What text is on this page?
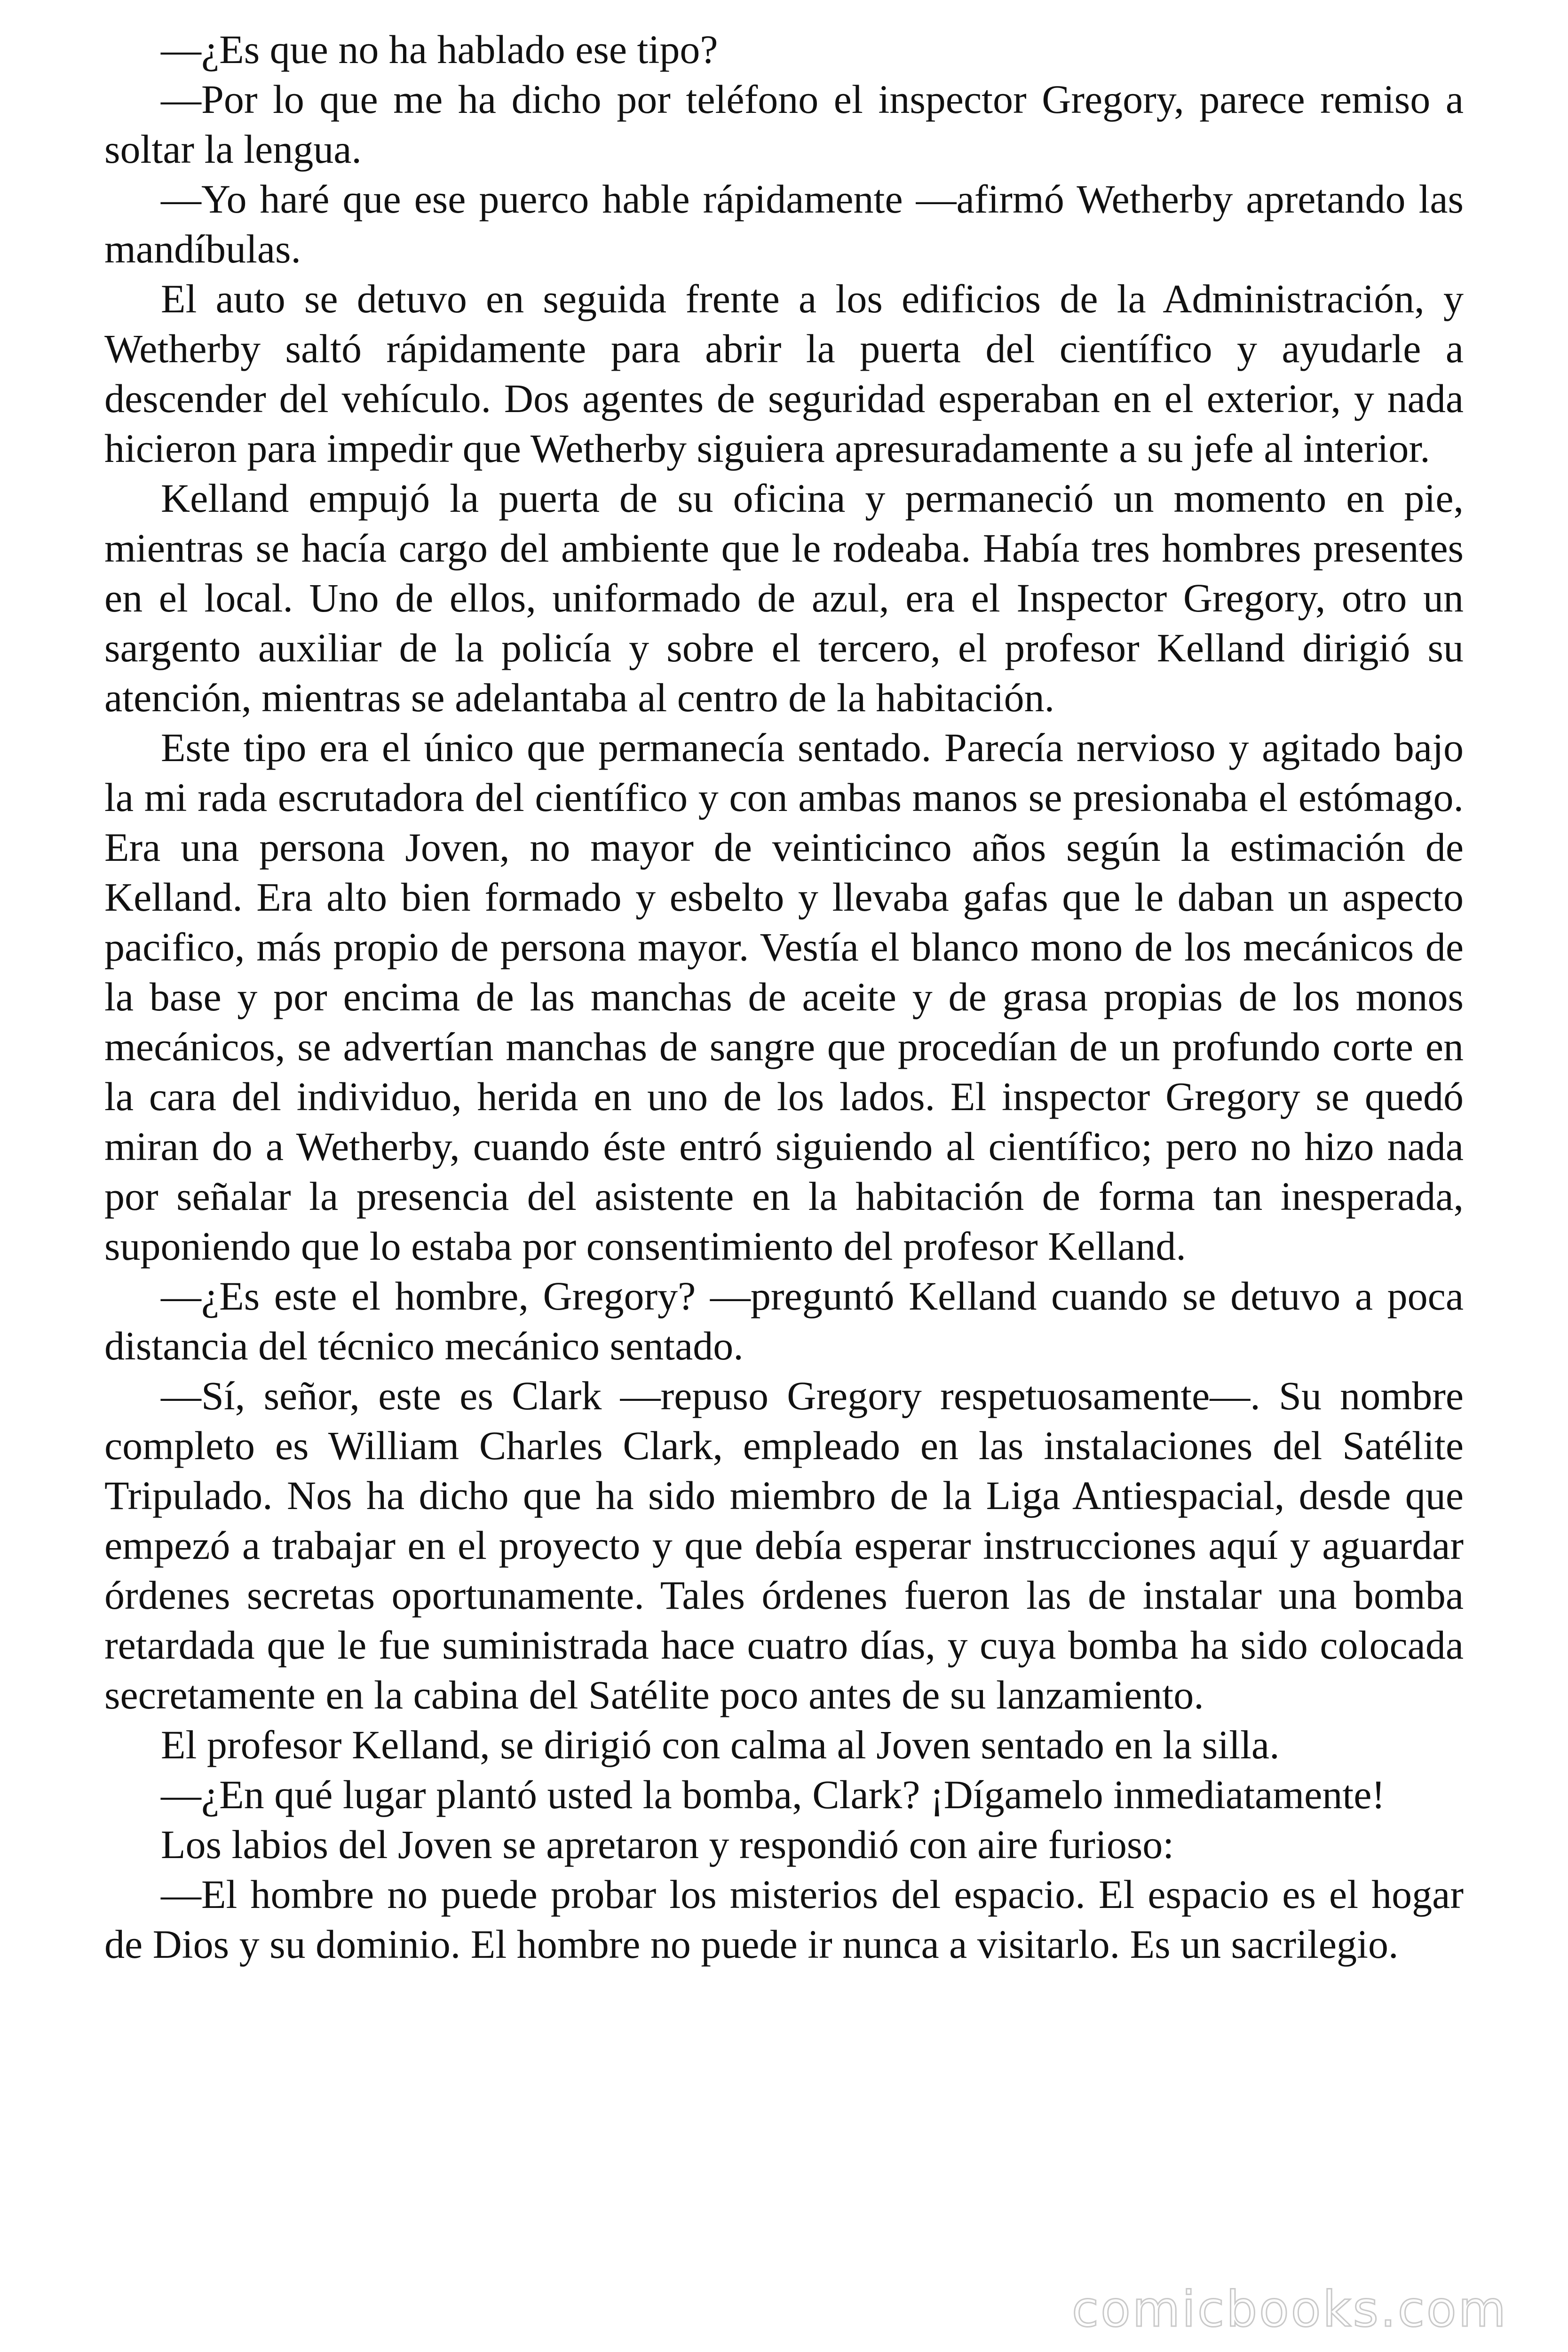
—¿Es que no ha hablado ese tipo?

—Por lo que me ha dicho por teléfono el inspector Gregory, parece remiso a soltar la lengua.

—Yo haré que ese puerco hable rápidamente —afirmó Wetherby apretando las mandíbulas.

El auto se detuvo en seguida frente a los edificios de la Administración, y Wetherby saltó rápidamente para abrir la puerta del científico y ayudarle a descender del vehículo. Dos agentes de seguridad esperaban en el exterior, y nada hicieron para impedir que Wetherby siguiera apresuradamente a su jefe al interior.

Kelland empujó la puerta de su oficina y permaneció un momento en pie, mientras se hacía cargo del ambiente que le rodeaba. Había tres hombres presentes en el local. Uno de ellos, uniformado de azul, era el Inspector Gregory, otro un sargento auxiliar de la policía y sobre el tercero, el profesor Kelland dirigió su atención, mientras se adelantaba al centro de la habitación.

Este tipo era el único que permanecía sentado. Parecía nervioso y agitado bajo la mi rada escrutadora del científico y con ambas manos se presionaba el estómago. Era una persona Joven, no mayor de veinticinco años según la estimación de Kelland. Era alto bien formado y esbelto y llevaba gafas que le daban un aspecto pacifico, más propio de persona mayor. Vestía el blanco mono de los mecánicos de la base y por encima de las manchas de aceite y de grasa propias de los monos mecánicos, se advertían manchas de sangre que procedían de un profundo corte en la cara del individuo, herida en uno de los lados. El inspector Gregory se quedó miran do a Wetherby, cuando éste entró siguiendo al científico; pero no hizo nada por señalar la presencia del asistente en la habitación de forma tan inesperada, suponiendo que lo estaba por consentimiento del profesor Kelland.

—¿Es este el hombre, Gregory? —preguntó Kelland cuando se detuvo a poca distancia del técnico mecánico sentado.

—Sí, señor, este es Clark —repuso Gregory respetuosamente—. Su nombre completo es William Charles Clark, empleado en las instalaciones del Satélite Tripulado. Nos ha dicho que ha sido miembro de la Liga Antiespacial, desde que empezó a trabajar en el proyecto y que debía esperar instrucciones aquí y aguardar órdenes secretas oportunamente. Tales órdenes fueron las de instalar una bomba retardada que le fue suministrada hace cuatro días, y cuya bomba ha sido colocada secretamente en la cabina del Satélite poco antes de su lanzamiento.

El profesor Kelland, se dirigió con calma al Joven sentado en la silla.

—¿En qué lugar plantó usted la bomba, Clark? ¡Dígamelo inmediatamente!

Los labios del Joven se apretaron y respondió con aire furioso:

—El hombre no puede probar los misterios del espacio. El espacio es el hogar de Dios y su dominio. El hombre no puede ir nunca a visitarlo. Es un sacrilegio.

comicbooks.com
